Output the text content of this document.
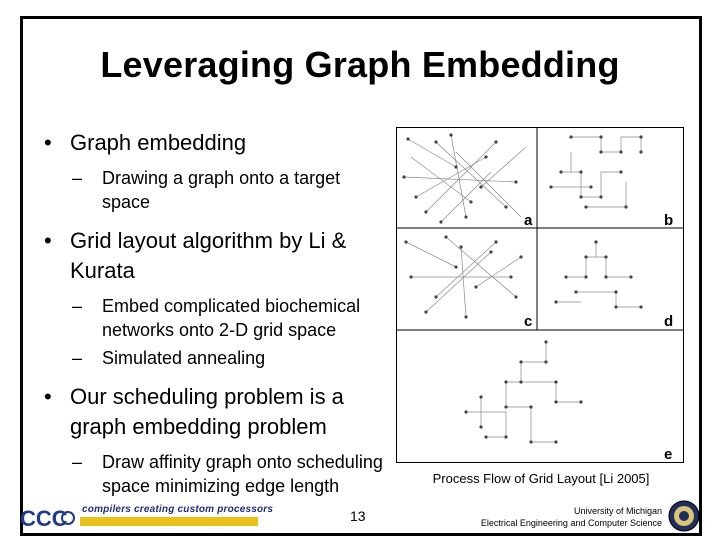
Leveraging Graph Embedding
• Graph embedding
– Drawing a graph onto a target space
• Grid layout algorithm by Li & Kurata
– Embed complicated biochemical networks onto 2-D grid space
– Simulated annealing
• Our scheduling problem is a graph embedding problem
– Draw affinity graph onto scheduling space minimizing edge length
a	b
c	d
e
Process Flow of Grid Layout [Li 2005]
CCC compilers creating custom processors	13	University of Michigan
Electrical Engineering and Computer Science
